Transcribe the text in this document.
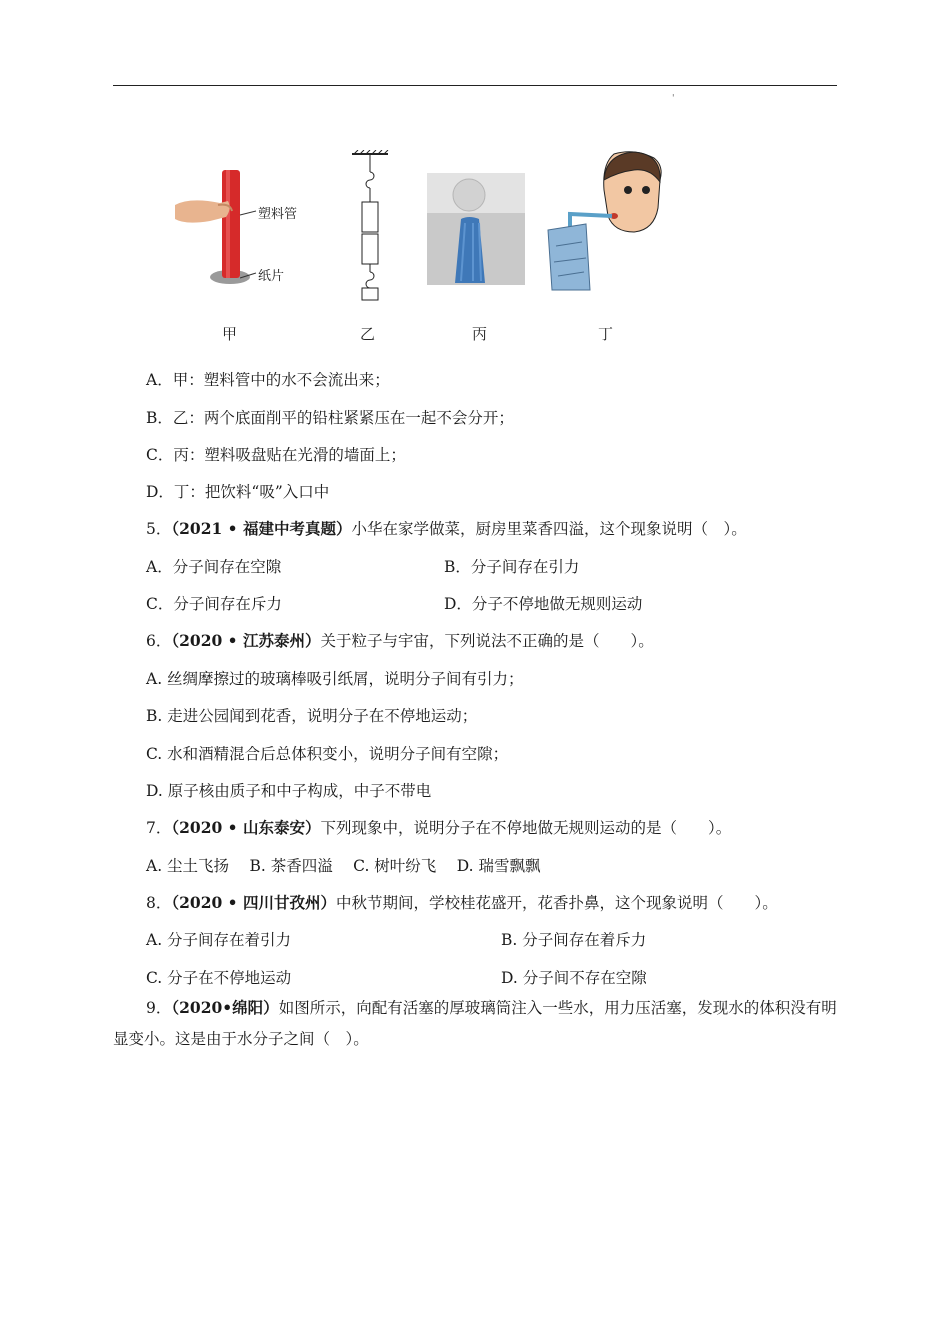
'
塑料管
纸片
甲	乙	丙	丁
A．甲：塑料管中的水不会流出来；
B．乙：两个底面削平的铅柱紧紧压在一起不会分开；
C．丙：塑料吸盘贴在光滑的墙面上；
D．丁：把饮料“吸”入口中
5．（2021 • 福建中考真题）小华在家学做菜，厨房里菜香四溢，这个现象说明（　）。
A．分子间存在空隙	B．分子间存在引力
C．分子间存在斥力	D．分子不停地做无规则运动
6．（2020 • 江苏泰州）关于粒子与宇宙，下列说法不正确的是（　　）。
A. 丝绸摩擦过的玻璃棒吸引纸屑，说明分子间有引力；
B. 走进公园闻到花香，说明分子在不停地运动；
C. 水和酒精混合后总体积变小，说明分子间有空隙；
D. 原子核由质子和中子构成，中子不带电
7．（2020 • 山东泰安）下列现象中，说明分子在不停地做无规则运动的是（　　）。
A. 尘土飞扬　 B. 茶香四溢　 C. 树叶纷飞　 D. 瑞雪飘飘
8．（2020 • 四川甘孜州）中秋节期间，学校桂花盛开，花香扑鼻，这个现象说明（　　）。
A. 分子间存在着引力	B. 分子间存在着斥力
C. 分子在不停地运动	D. 分子间不存在空隙
9．（2020•绵阳）如图所示，向配有活塞的厚玻璃筒注入一些水，用力压活塞，发现水的体积没有明显变小。这是由于水分子之间（　）。
